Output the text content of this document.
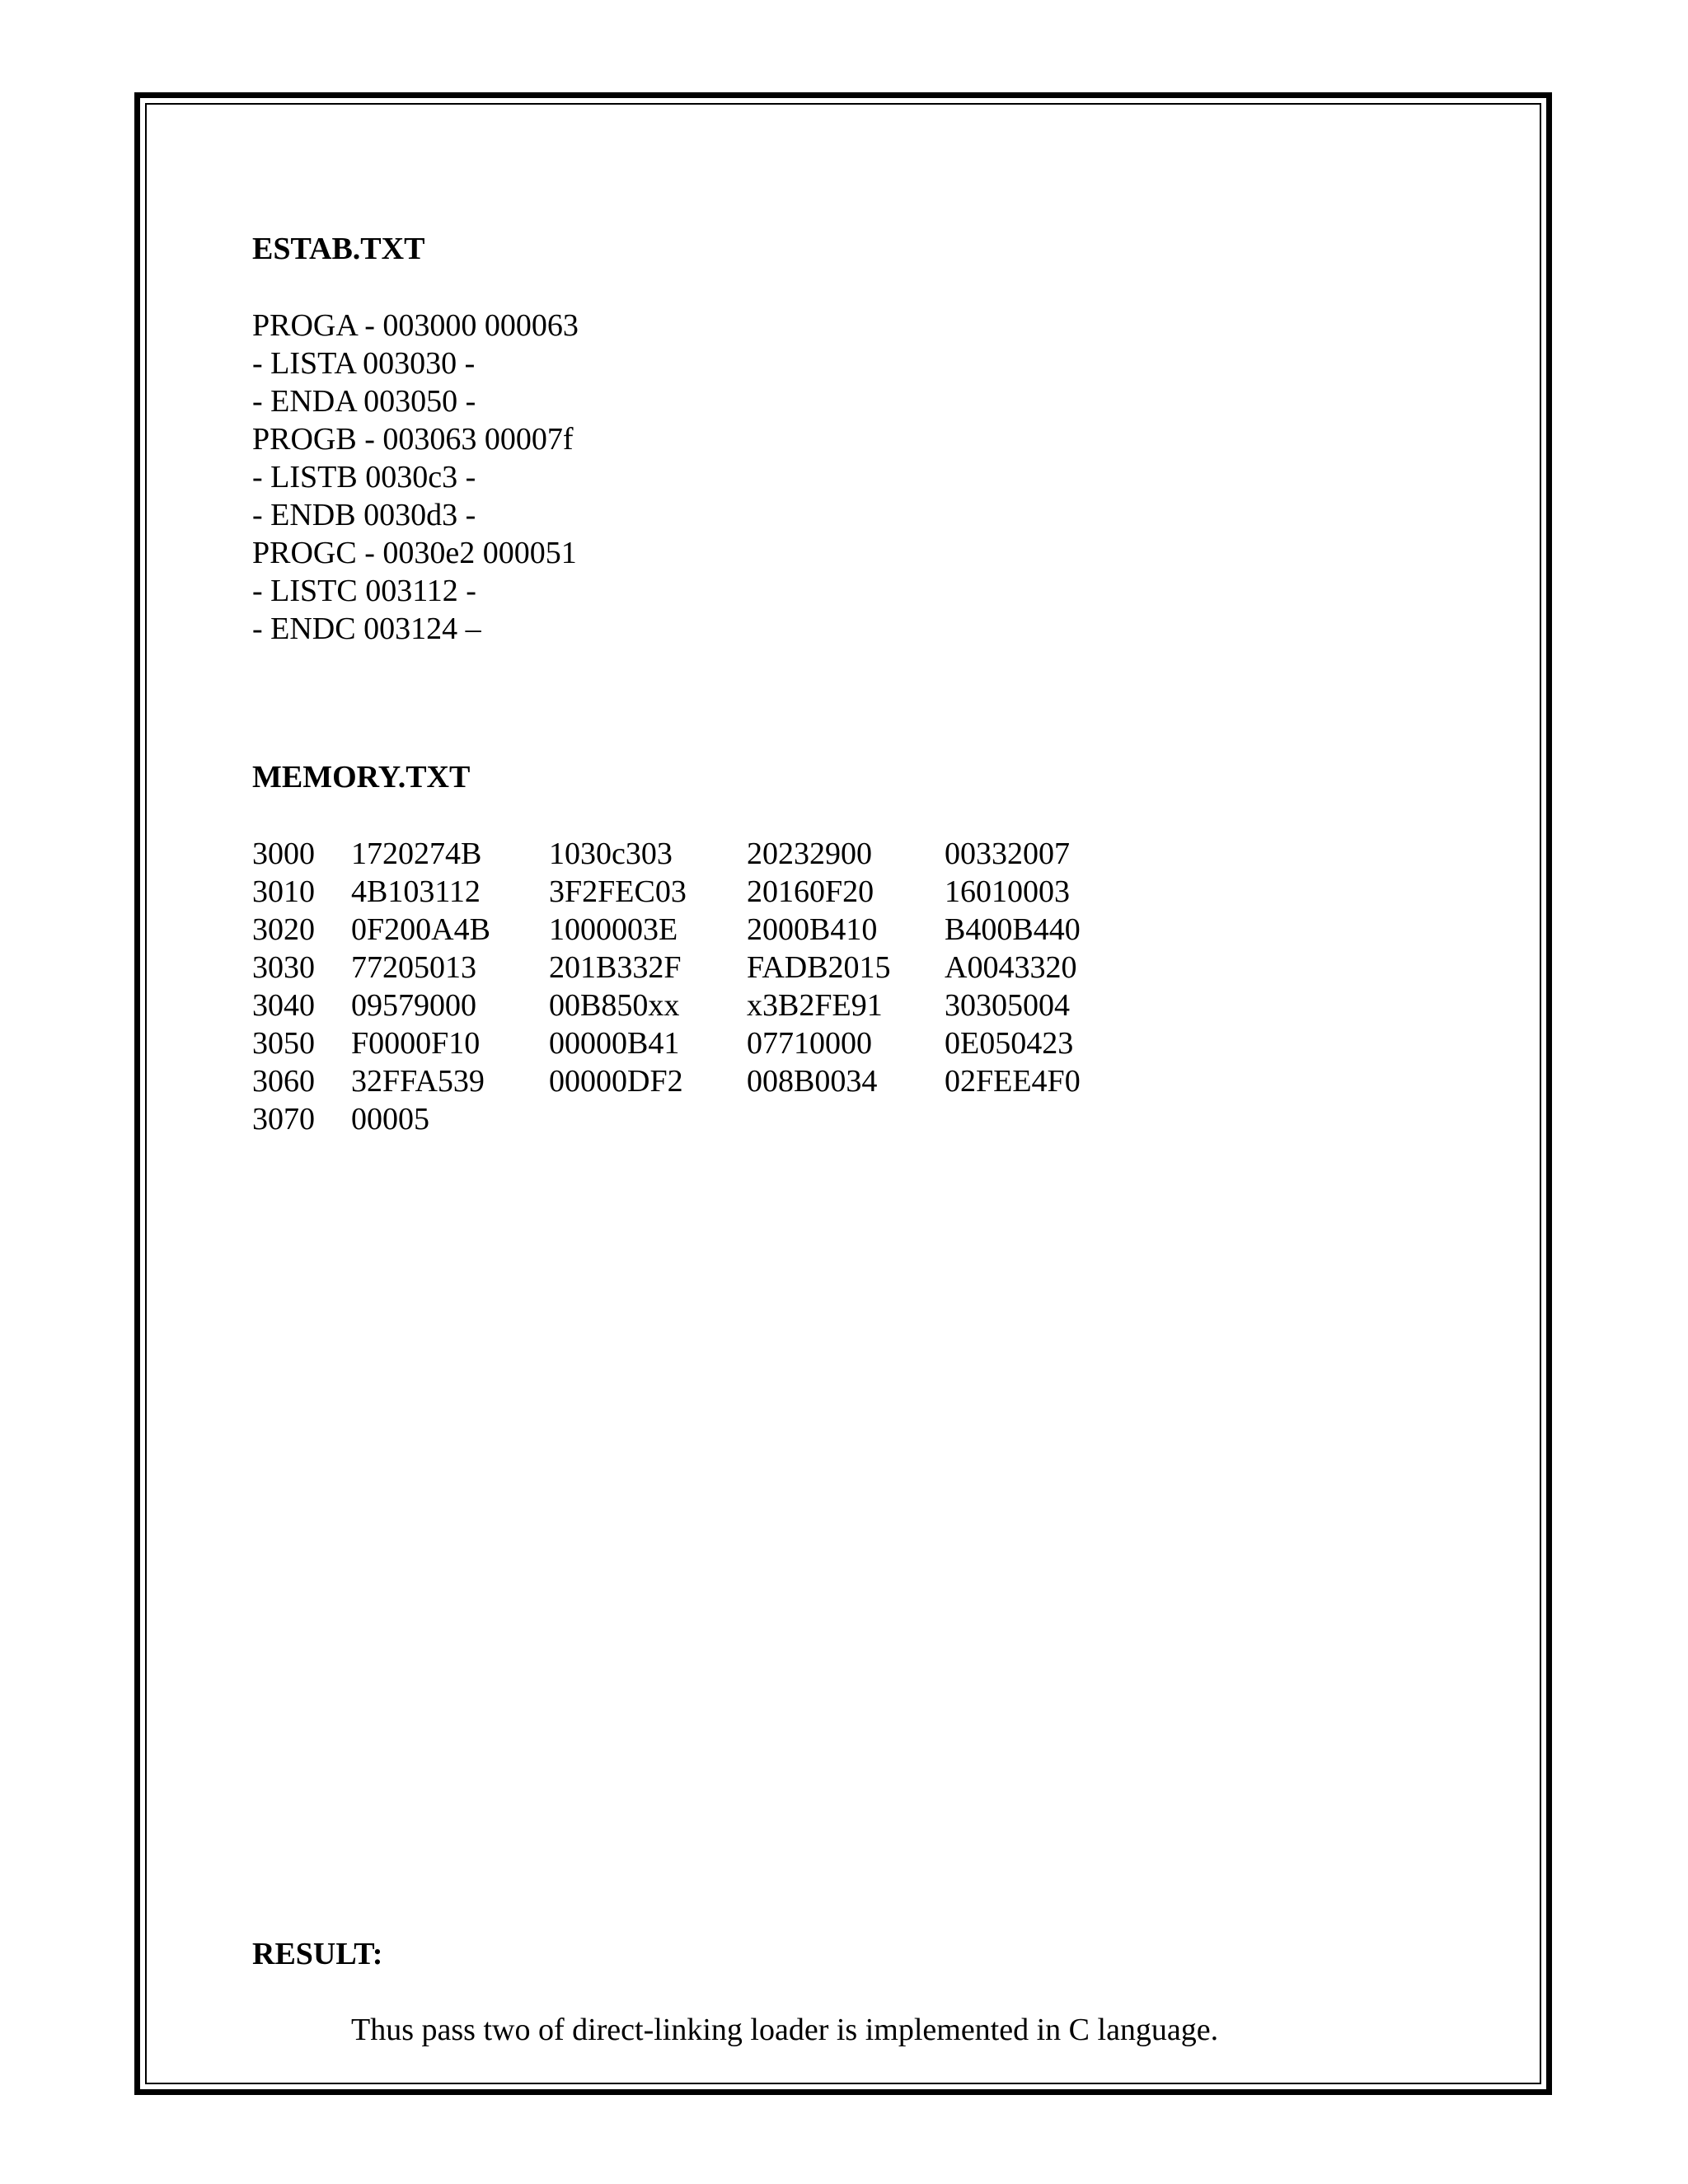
ESTAB.TXT
PROGA - 003000 000063
- LISTA 003030 -
- ENDA 003050 -
PROGB - 003063 00007f
- LISTB 0030c3 -
- ENDB 0030d3 -
PROGC - 0030e2 000051
- LISTC 003112 -
- ENDC 003124 –
MEMORY.TXT
3000	1720274B	1030c303	20232900	00332007
3010	4B103112	3F2FEC03	20160F20	16010003
3020	0F200A4B	1000003E	2000B410	B400B440
3030	77205013	201B332F	FADB2015	A0043320
3040	09579000	00B850xx	x3B2FE91	30305004
3050	F0000F10	00000B41	07710000	0E050423
3060	32FFA539	00000DF2	008B0034	02FEE4F0
3070	00005			
RESULT:
Thus pass two of direct-linking loader is implemented in C language.
